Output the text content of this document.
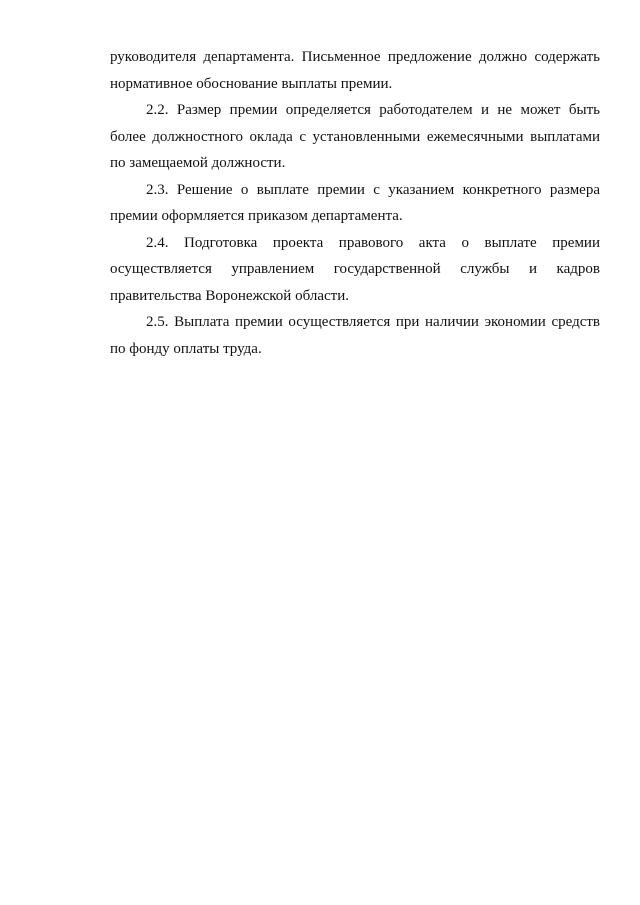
руководителя департамента. Письменное предложение должно содержать нормативное обоснование выплаты премии.

2.2. Размер премии определяется работодателем и не может быть более должностного оклада с установленными ежемесячными выплатами по замещаемой должности.

2.3. Решение о выплате премии с указанием конкретного размера премии оформляется приказом департамента.

2.4. Подготовка проекта правового акта о выплате премии осуществляется управлением государственной службы и кадров правительства Воронежской области.

2.5. Выплата премии осуществляется при наличии экономии средств по фонду оплаты труда.
